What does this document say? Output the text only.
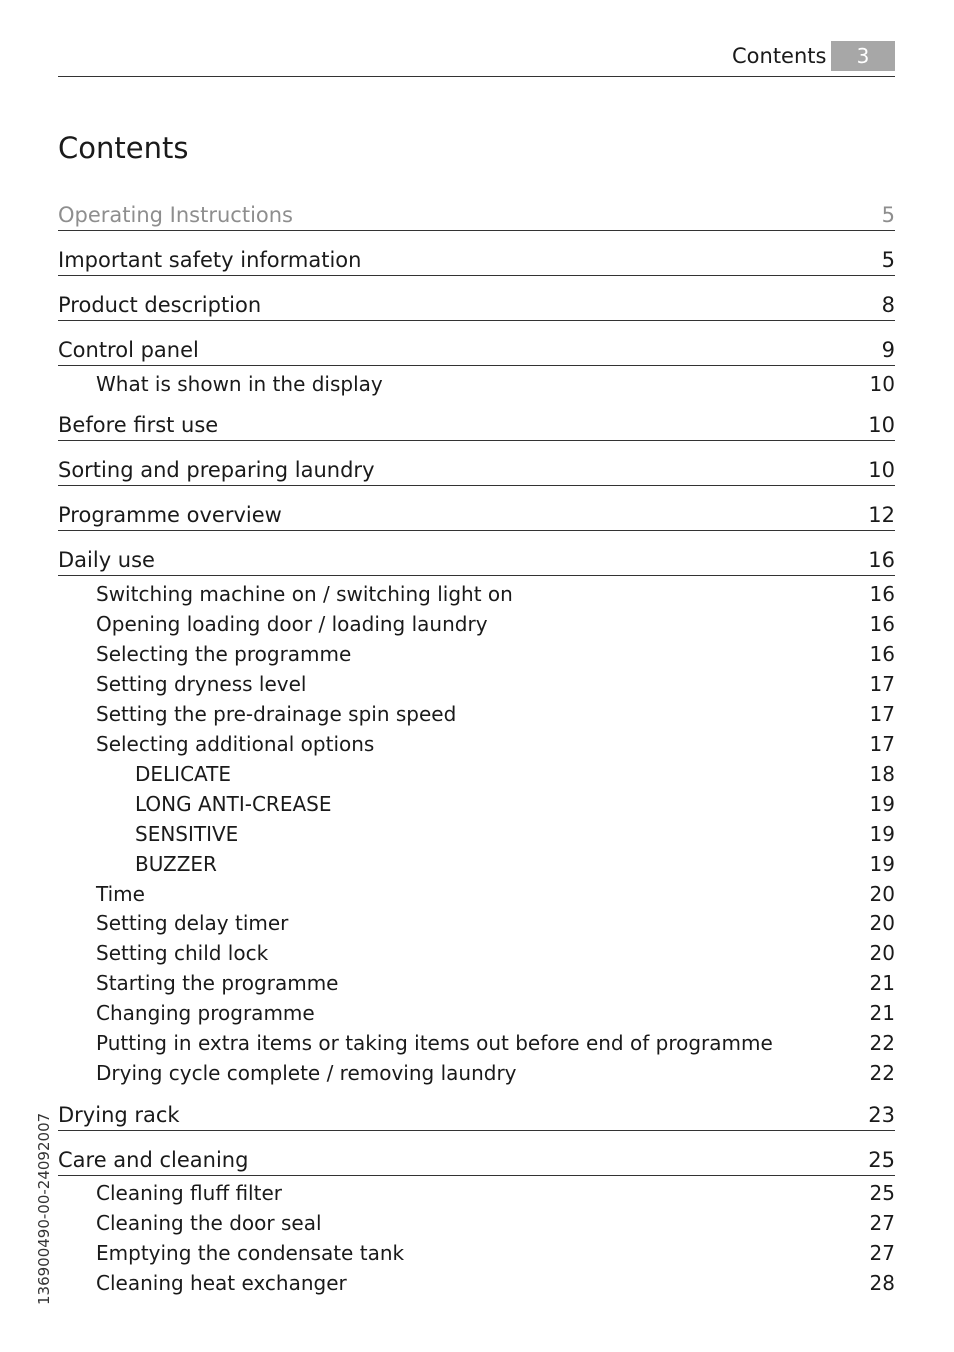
Contents	3
Contents
Operating Instructions	5
Important safety information	5
Product description	8
Control panel	9
What is shown in the display	10
Before first use	10
Sorting and preparing laundry	10
Programme overview	12
Daily use	16
Switching machine on / switching light on	16
Opening loading door / loading laundry	16
Selecting the programme	16
Setting dryness level	17
Setting the pre-drainage spin speed	17
Selecting additional options	17
DELICATE	18
LONG ANTI-CREASE	19
SENSITIVE	19
BUZZER	19
Time	20
Setting delay timer	20
Setting child lock	20
Starting the programme	21
Changing programme	21
Putting in extra items or taking items out before end of programme	22
Drying cycle complete / removing laundry	22
Drying rack	23
Care and cleaning	25
Cleaning fluff filter	25
Cleaning the door seal	27
Emptying the condensate tank	27
Cleaning heat exchanger	28
136900490-00-24092007
